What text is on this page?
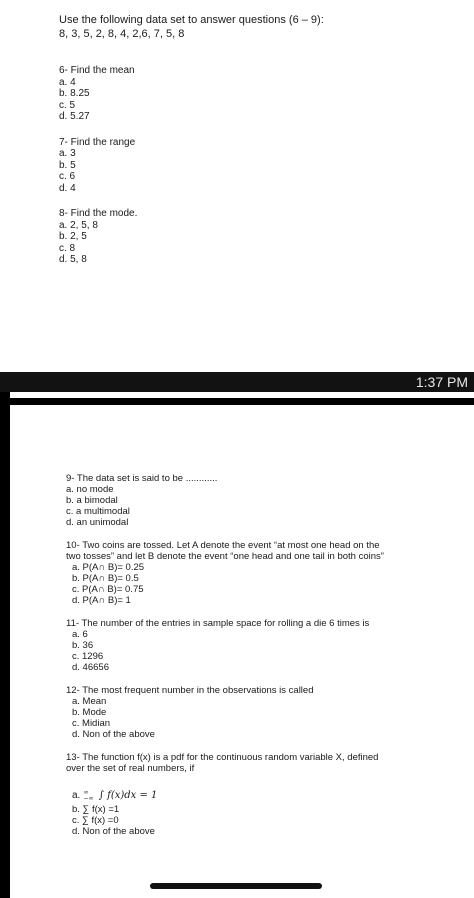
Use the following data set to answer questions (6 – 9):
8, 3, 5, 2, 8, 4, 2,6, 7, 5, 8
6- Find the mean
a. 4
b. 8.25
c. 5
d. 5.27
7- Find the range
a. 3
b. 5
c. 6
d. 4
8- Find the mode.
a. 2, 5, 8
b. 2, 5
c. 8
d. 5, 8
1:37 PM
9- The data set is said to be ............
a. no mode
b. a bimodal
c. a multimodal
d. an unimodal
10- Two coins are tossed. Let A denote the event “at most one head on the
two tosses” and let B denote the event “one head and one tail in both coins”
a. P(A∩ B)= 0.25
b. P(A∩ B)= 0.5
c. P(A∩ B)= 0.75
d. P(A∩ B)= 1
11- The number of the entries in sample space for rolling a die 6 times is
a. 6
b. 36
c. 1296
d. 46656
12- The most frequent number in the observations is called
a. Mean
b. Mode
c. Midian
d. Non of the above
13- The function f(x) is a pdf for the continuous random variable X, defined
over the set of real numbers, if
a. ∞
−∞ ∫ f(x)dx = 1
b. ∑ f(x) =1
c. ∑ f(x) =0
d. Non of the above
